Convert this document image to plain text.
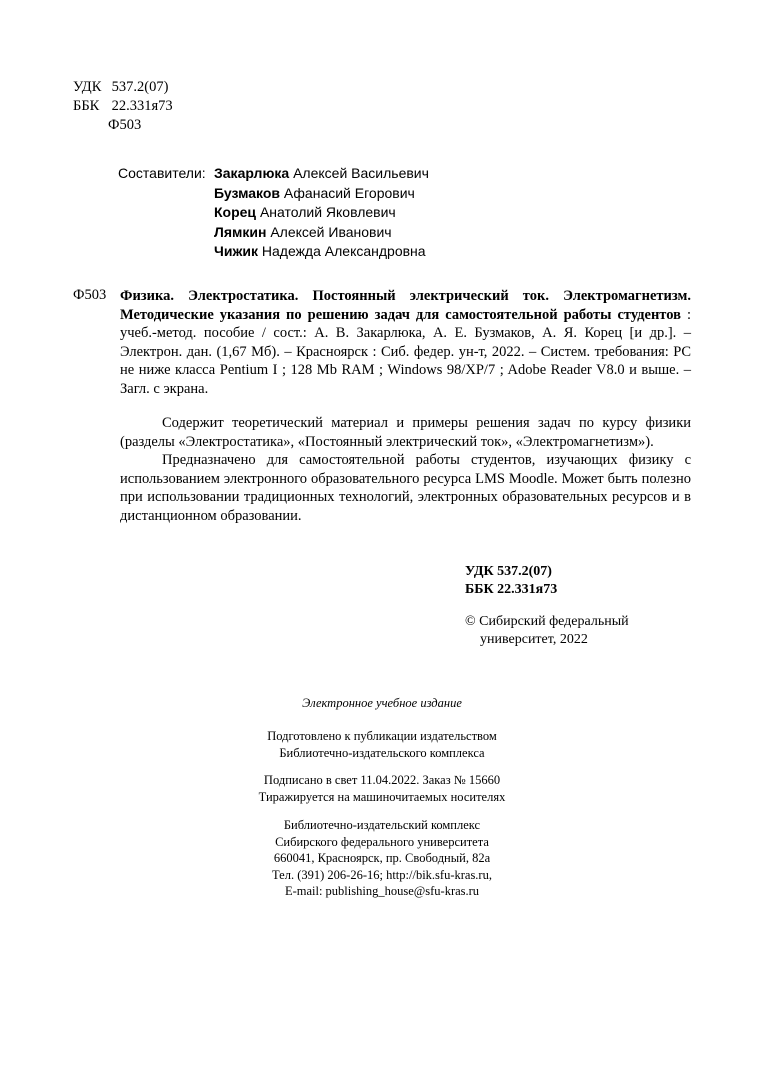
УДК 537.2(07)
ББК 22.331я73
Ф503
Составители: Закарлюка Алексей Васильевич
Бузмаков Афанасий Егорович
Корец Анатолий Яковлевич
Лямкин Алексей Иванович
Чижик Надежда Александровна
Ф503 Физика. Электростатика. Постоянный электрический ток. Электромагнетизм. Методические указания по решению задач для самостоятельной работы студентов : учеб.-метод. пособие / сост.: А. В. Закарлюка, А. Е. Бузмаков, А. Я. Корец [и др.]. – Электрон. дан. (1,67 Мб). – Красноярск : Сиб. федер. ун-т, 2022. – Систем. требования: PC не ниже класса Pentium I ; 128 Mb RAM ; Windows 98/XP/7 ; Adobe Reader V8.0 и выше. – Загл. с экрана.

Содержит теоретический материал и примеры решения задач по курсу физики (разделы «Электростатика», «Постоянный электрический ток», «Электромагнетизм»).

Предназначено для самостоятельной работы студентов, изучающих физику с использованием электронного образовательного ресурса LMS Moodle. Может быть полезно при использовании традиционных технологий, электронных образовательных ресурсов и в дистанционном образовании.

УДК 537.2(07)
ББК 22.331я73
© Сибирский федеральный
университет, 2022
Электронное учебное издание
Подготовлено к публикации издательством
Библиотечно-издательского комплекса
Подписано в свет 11.04.2022. Заказ № 15660
Тиражируется на машиночитаемых носителях
Библиотечно-издательский комплекс
Сибирского федерального университета
660041, Красноярск, пр. Свободный, 82а
Тел. (391) 206-26-16; http://bik.sfu-kras.ru,
E-mail: publishing_house@sfu-kras.ru
